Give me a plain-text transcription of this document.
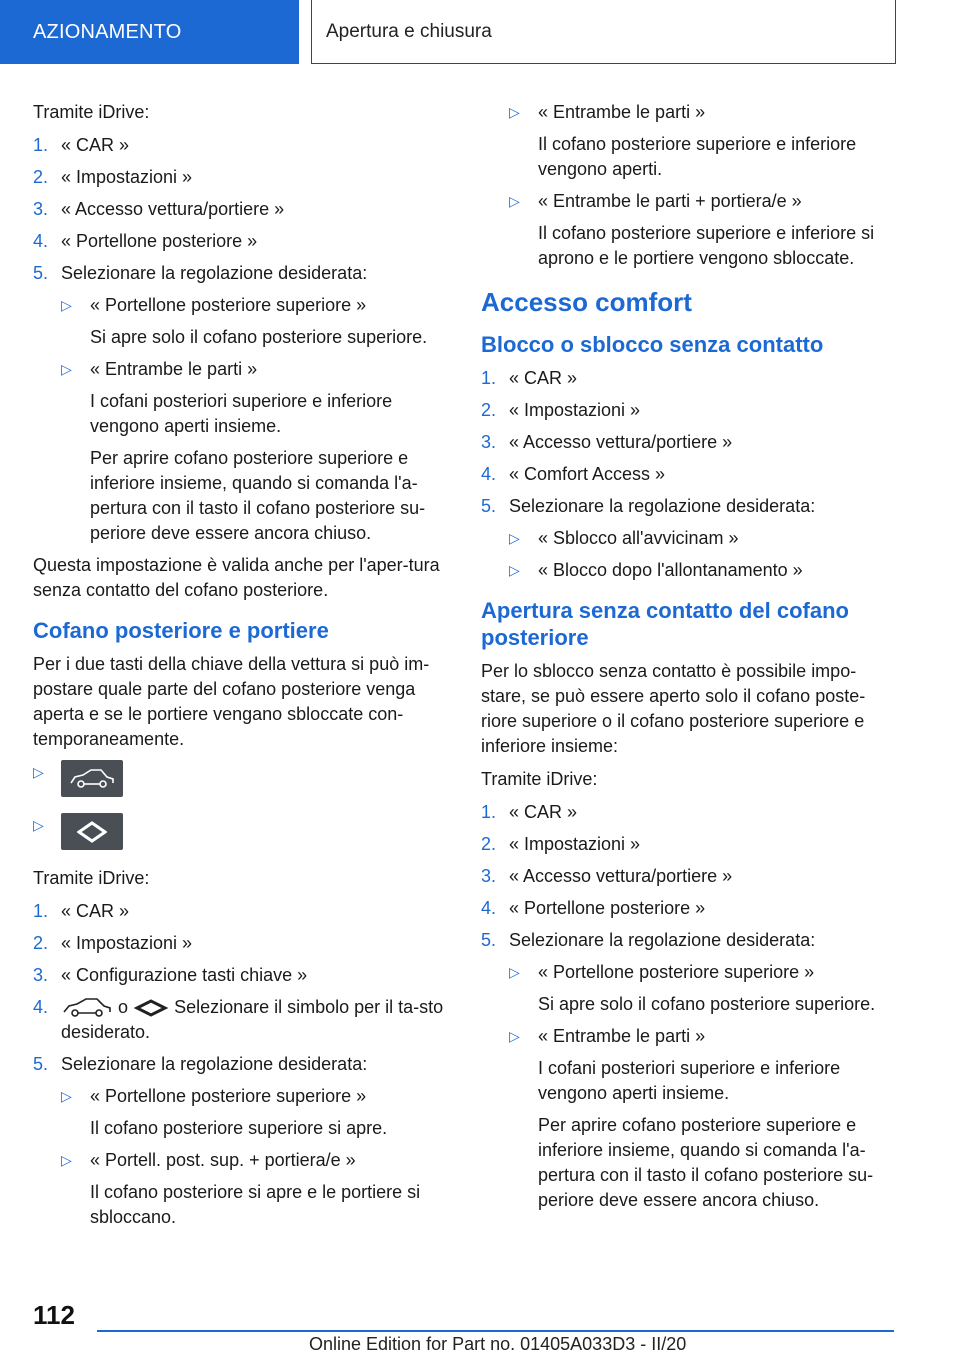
AZIONAMENTO	Apertura e chiusura

Tramite iDrive:

1. « CAR »
2. « Impostazioni »
3. « Accesso vettura/portiere »
4. « Portellone posteriore »
5. Selezionare la regolazione desiderata:
▷	« Portellone posteriore superiore »
Si apre solo il cofano posteriore superiore.
▷	« Entrambe le parti »
I cofani posteriori superiore e inferiore vengono aperti insieme.
Per aprire cofano posteriore superiore e inferiore insieme, quando si comanda l'a-pertura con il tasto il cofano posteriore su-periore deve essere ancora chiuso.

Questa impostazione è valida anche per l'aper-tura senza contatto del cofano posteriore.

Cofano posteriore e portiere

Per i due tasti della chiave della vettura si può im-postare quale parte del cofano posteriore venga aperta e se le portiere vengano sbloccate con-temporaneamente.

▷
▷

Tramite iDrive:

1. « CAR »
2. « Impostazioni »
3. « Configurazione tasti chiave »
4.	o	Selezionare il simbolo per il ta-sto desiderato.
5. Selezionare la regolazione desiderata:
▷	« Portellone posteriore superiore »
Il cofano posteriore superiore si apre.
▷	« Portell. post. sup. + portiera/e »
Il cofano posteriore si apre e le portiere si sbloccano.
▷	« Entrambe le parti »
Il cofano posteriore superiore e inferiore vengono aperti.
▷	« Entrambe le parti + portiera/e »
Il cofano posteriore superiore e inferiore si aprono e le portiere vengono sbloccate.
Accesso comfort
Blocco o sblocco senza contatto
1. « CAR »
2. « Impostazioni »
3. « Accesso vettura/portiere »
4. « Comfort Access »
5. Selezionare la regolazione desiderata:
▷	« Sblocco all'avvicinam »
▷	« Blocco dopo l'allontanamento »
Apertura senza contatto del cofano posteriore

Per lo sblocco senza contatto è possibile impo-stare, se può essere aperto solo il cofano poste-riore superiore o il cofano posteriore superiore e inferiore insieme:

Tramite iDrive:

1. « CAR »
2. « Impostazioni »
3. « Accesso vettura/portiere »
4. « Portellone posteriore »
5. Selezionare la regolazione desiderata:
▷	« Portellone posteriore superiore »
Si apre solo il cofano posteriore superiore.
▷	« Entrambe le parti »
I cofani posteriori superiore e inferiore vengono aperti insieme.
Per aprire cofano posteriore superiore e inferiore insieme, quando si comanda l'a-pertura con il tasto il cofano posteriore su-periore deve essere ancora chiuso.
112
Online Edition for Part no. 01405A033D3 - II/20
